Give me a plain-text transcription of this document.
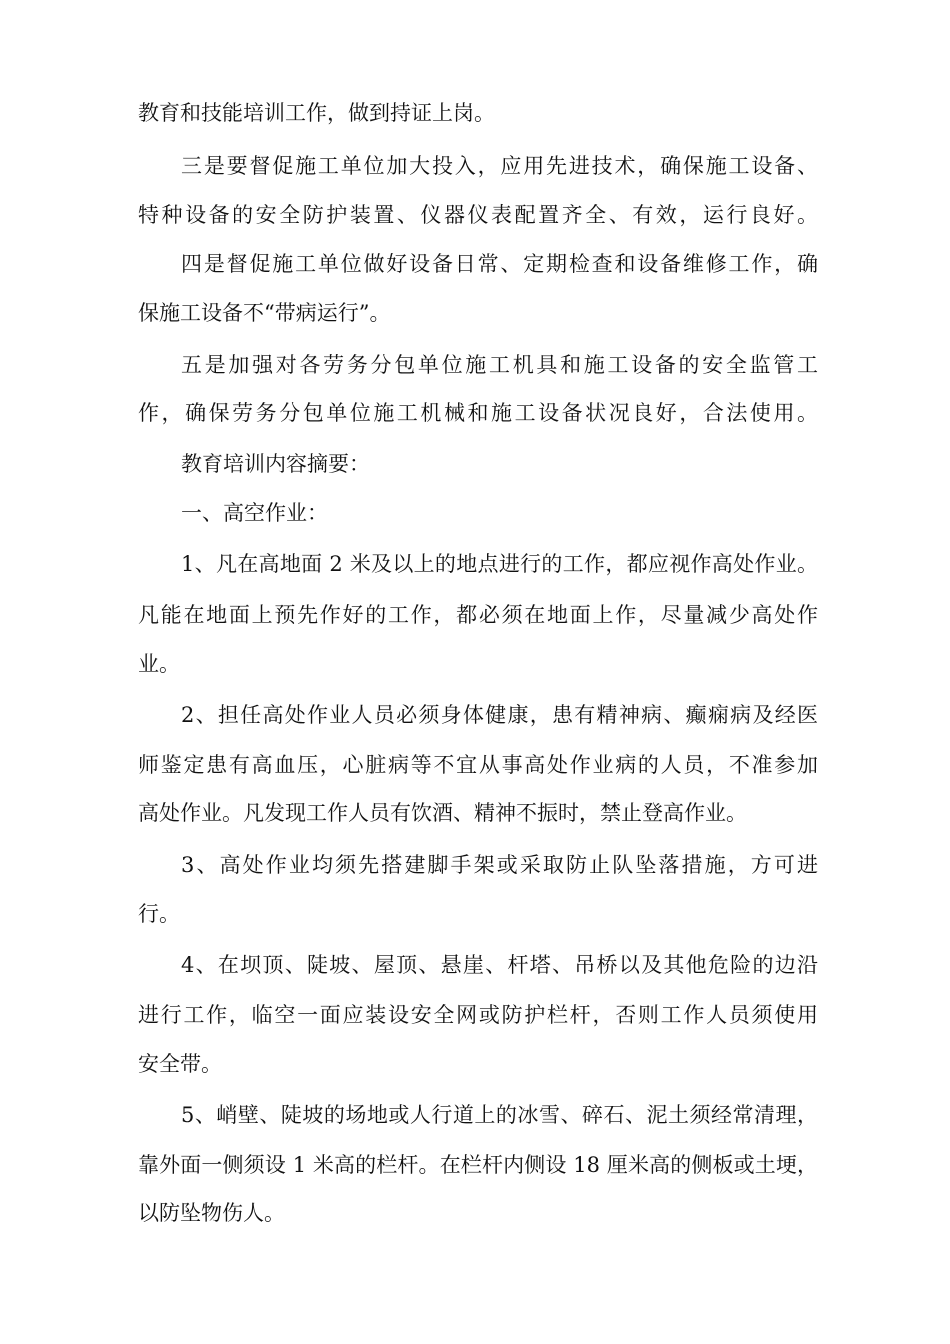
教育和技能培训工作，做到持证上岗。
三是要督促施工单位加大投入，应用先进技术，确保施工设备、
特种设备的安全防护装置、仪器仪表配置齐全、有效，运行良好。
四是督促施工单位做好设备日常、定期检查和设备维修工作，确
保施工设备不“带病运行”。
五是加强对各劳务分包单位施工机具和施工设备的安全监管工
作，确保劳务分包单位施工机械和施工设备状况良好，合法使用。
教育培训内容摘要：
一、高空作业：
1、凡在高地面 2 米及以上的地点进行的工作，都应视作高处作业。
凡能在地面上预先作好的工作，都必须在地面上作，尽量减少高处作
业。
2、担任高处作业人员必须身体健康，患有精神病、癫痫病及经医
师鉴定患有高血压，心脏病等不宜从事高处作业病的人员，不准参加
高处作业。凡发现工作人员有饮酒、精神不振时，禁止登高作业。
3、高处作业均须先搭建脚手架或采取防止队坠落措施，方可进
行。
4、在坝顶、陡坡、屋顶、悬崖、杆塔、吊桥以及其他危险的边沿
进行工作，临空一面应装设安全网或防护栏杆，否则工作人员须使用
安全带。
5、峭壁、陡坡的场地或人行道上的冰雪、碎石、泥土须经常清理，
靠外面一侧须设 1 米高的栏杆。在栏杆内侧设 18 厘米高的侧板或土埂，
以防坠物伤人。
